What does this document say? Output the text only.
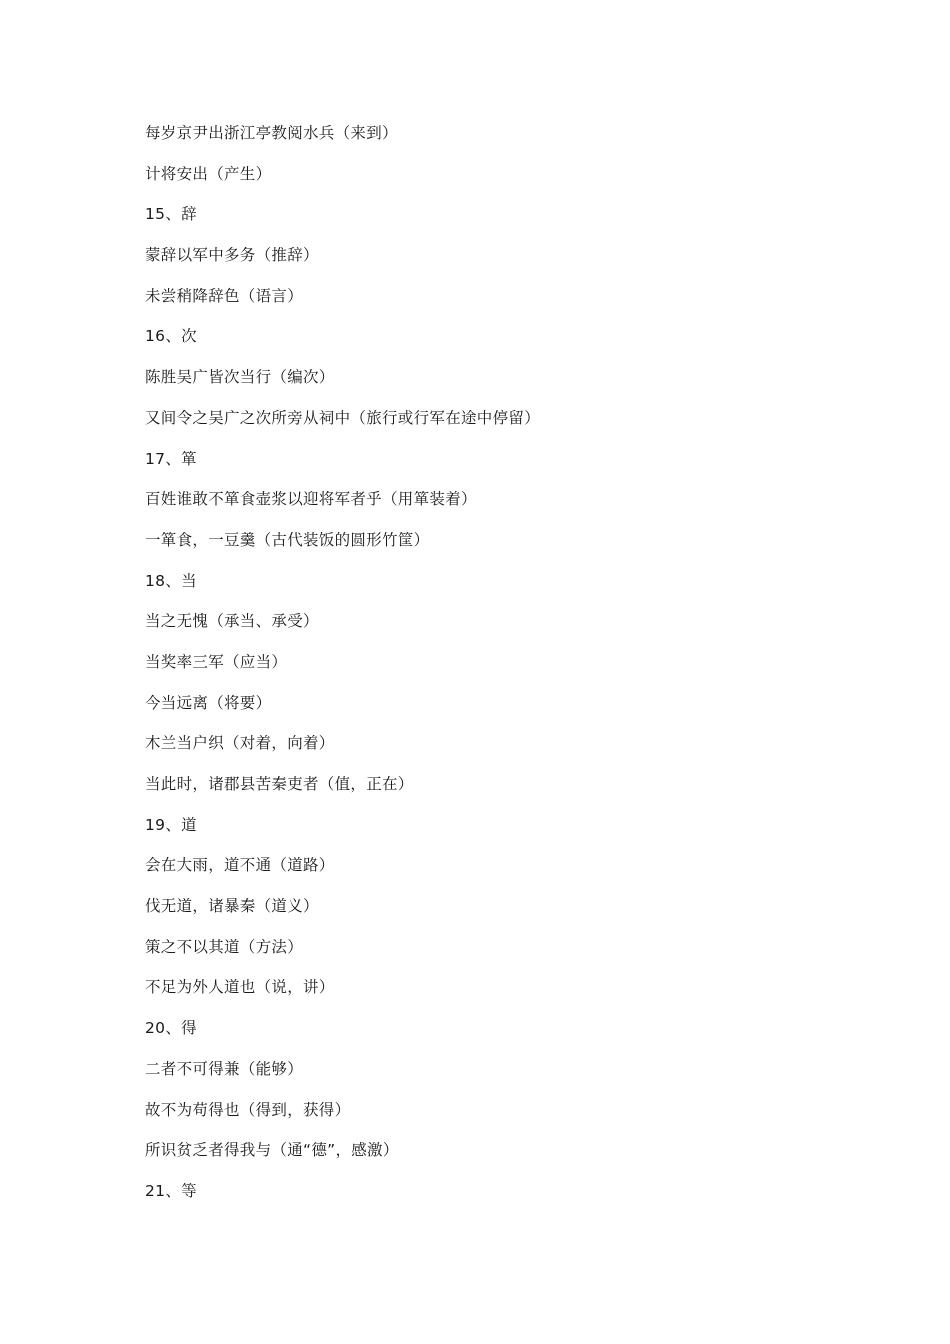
每岁京尹出浙江亭教阅水兵（来到）
计将安出（产生）
15、辞
蒙辞以军中多务（推辞）
未尝稍降辞色（语言）
16、次
陈胜吴广皆次当行（编次）
又间令之吴广之次所旁从祠中（旅行或行军在途中停留）
17、箪
百姓谁敢不箪食壶浆以迎将军者乎（用箪装着）
一箪食，一豆羹（古代装饭的圆形竹筐）
18、当
当之无愧（承当、承受）
当奖率三军（应当）
今当远离（将要）
木兰当户织（对着，向着）
当此时，诸郡县苦秦吏者（值，正在）
19、道
会在大雨，道不通（道路）
伐无道，诸暴秦（道义）
策之不以其道（方法）
不足为外人道也（说，讲）
20、得
二者不可得兼（能够）
故不为苟得也（得到，获得）
所识贫乏者得我与（通“德”，感激）
21、等
